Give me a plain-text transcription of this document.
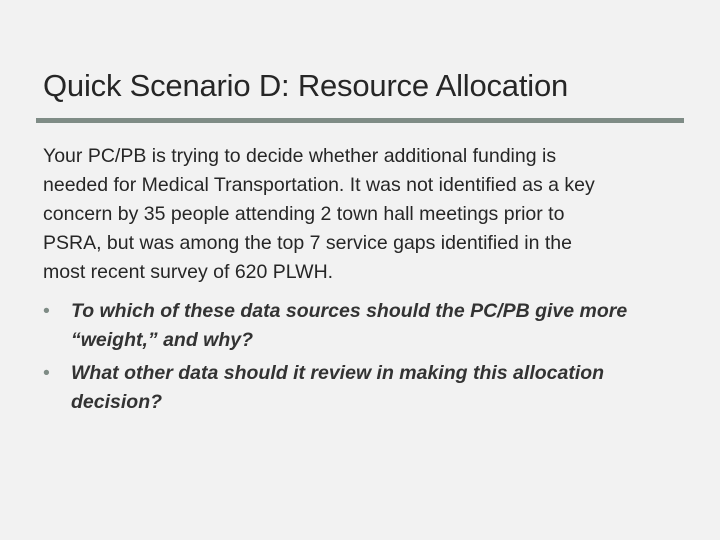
Quick Scenario D: Resource Allocation

Your PC/PB is trying to decide whether additional funding is
needed for Medical Transportation. It was not identified as a key
concern by 35 people attending 2 town hall meetings prior to
PSRA, but was among the top 7 service gaps identified in the
most recent survey of 620 PLWH.

• To which of these data sources should the PC/PB give more
“weight,” and why?
• What other data should it review in making this allocation
decision?
